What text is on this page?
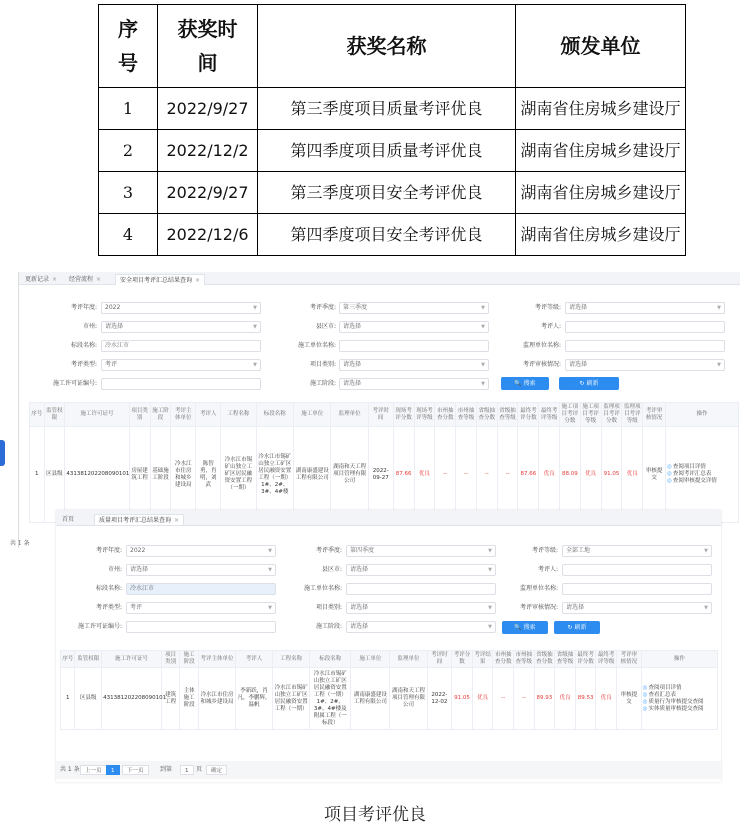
序号	获奖时间	获奖名称	颁发单位
1	2022/9/27	第三季度项目质量考评优良	湖南省住房城乡建设厅
2	2022/12/2	第四季度项目质量考评优良	湖南省住房城乡建设厅
3	2022/9/27	第三季度项目安全考评优良	湖南省住房城乡建设厅
4	2022/12/6	第四季度项目安全考评优良	湖南省住房城乡建设厅
更新记录 ×	经营流程 ×	安全项目考评汇总结果查询 ×
考评年度:	2022	▼	考评季度:	第三季度	▼	考评等级:	请选择	▼
市州:	请选择	▼	县区市:	请选择	▼	考评人:
标段名称:	冷水江市	施工单位名称:	监理单位名称:
考评类型:	考评	▼	项目类别:	请选择	▼	考评审核情况:	请选择	▼
施工许可证编号:	施工阶段:	请选择	▼	🔍 搜索	↻ 刷新
序号	监管权限	施工许可证号	项目类别	施工阶段	考评主体单位	考评人	工程名称	标段名称	施工单位	监理单位	考评时间	现场考评分数	现场考评等级	市州抽查分数	市州抽查等级	省级抽查分数	省级抽查等级	最终考评分数	最终考评等级	施工项目考评分数	施工项目考评等级	监理项目考评分数	监理项目考评等级	考评审核情况	操作
1	区县级	431381202208090101	房屋建筑工程	基础施工阶段	冷水江市住房和城乡建设局	陈智勇，肖明，刘武	冷水江市锡矿山独立工矿区居民融资安置工程（一期）	冷水江市锡矿山独立工矿区居民融资安置工程（一期）1#、2#、3#、4#楼	湖南康盛建设工程有限公司	湖南和天工程项目管理有限公司	2022-09-27	87.66	优良	--	--	--	--	87.66	优良	88.09	优良	91.05	优良	审核提交	◎ 查阅项目详情
◎ 查阅考评汇总表
◎ 查阅审核提交详情
共 1 条
首页	质量项目考评汇总结果查询 ×
考评年度:	2022	▼	考评季度:	第四季度	▼	考评等级:	全部工地	▼
市州:	请选择	▼	县区市:	请选择	▼	考评人:
标段名称:	冷水江市	施工单位名称:	监理单位名称:
考评类型:	考评	▼	项目类别:	请选择	▼	考评审核情况:	请选择	▼
施工许可证编号:	施工阶段:	请选择	▼	🔍 搜索	↻ 刷新
序号	监管权限	施工许可证号	项目类别	施工阶段	考评主体单位	考评人	工程名称	标段名称	施工单位	监理单位	考评时间	考评分数	考评结果	市州抽查分数	市州抽查等级	省级抽查分数	省级抽查等级	最终考评分数	最终考评等级	考评审核情况	操作
1	区县级	431381202208090101	建筑工程	主体施工阶段	冷水江市住房和城乡建设局	李新跃，肖凡，李鹏辉，温帆	冷水江市锡矿山独立工矿区居民融资安置工程（一期）	冷水江市锡矿山独立工矿区居民融资安置工程（一期）1#、2#、3#、4#楼及附属工程（一标段）	湖南康盛建设工程有限公司	湖南和天工程项目管理有限公司	2022-12-02	91.05	优良	--	--	89.93	优良	89.53	优良	审核提交	◎ 查阅项目详情
◎ 查看汇总表
◎ 质量行为审核提交查阅
◎ 实体质量审核提交查阅
共 1 条 上一页	1	下一页	到第	1	页	确定
项目考评优良
